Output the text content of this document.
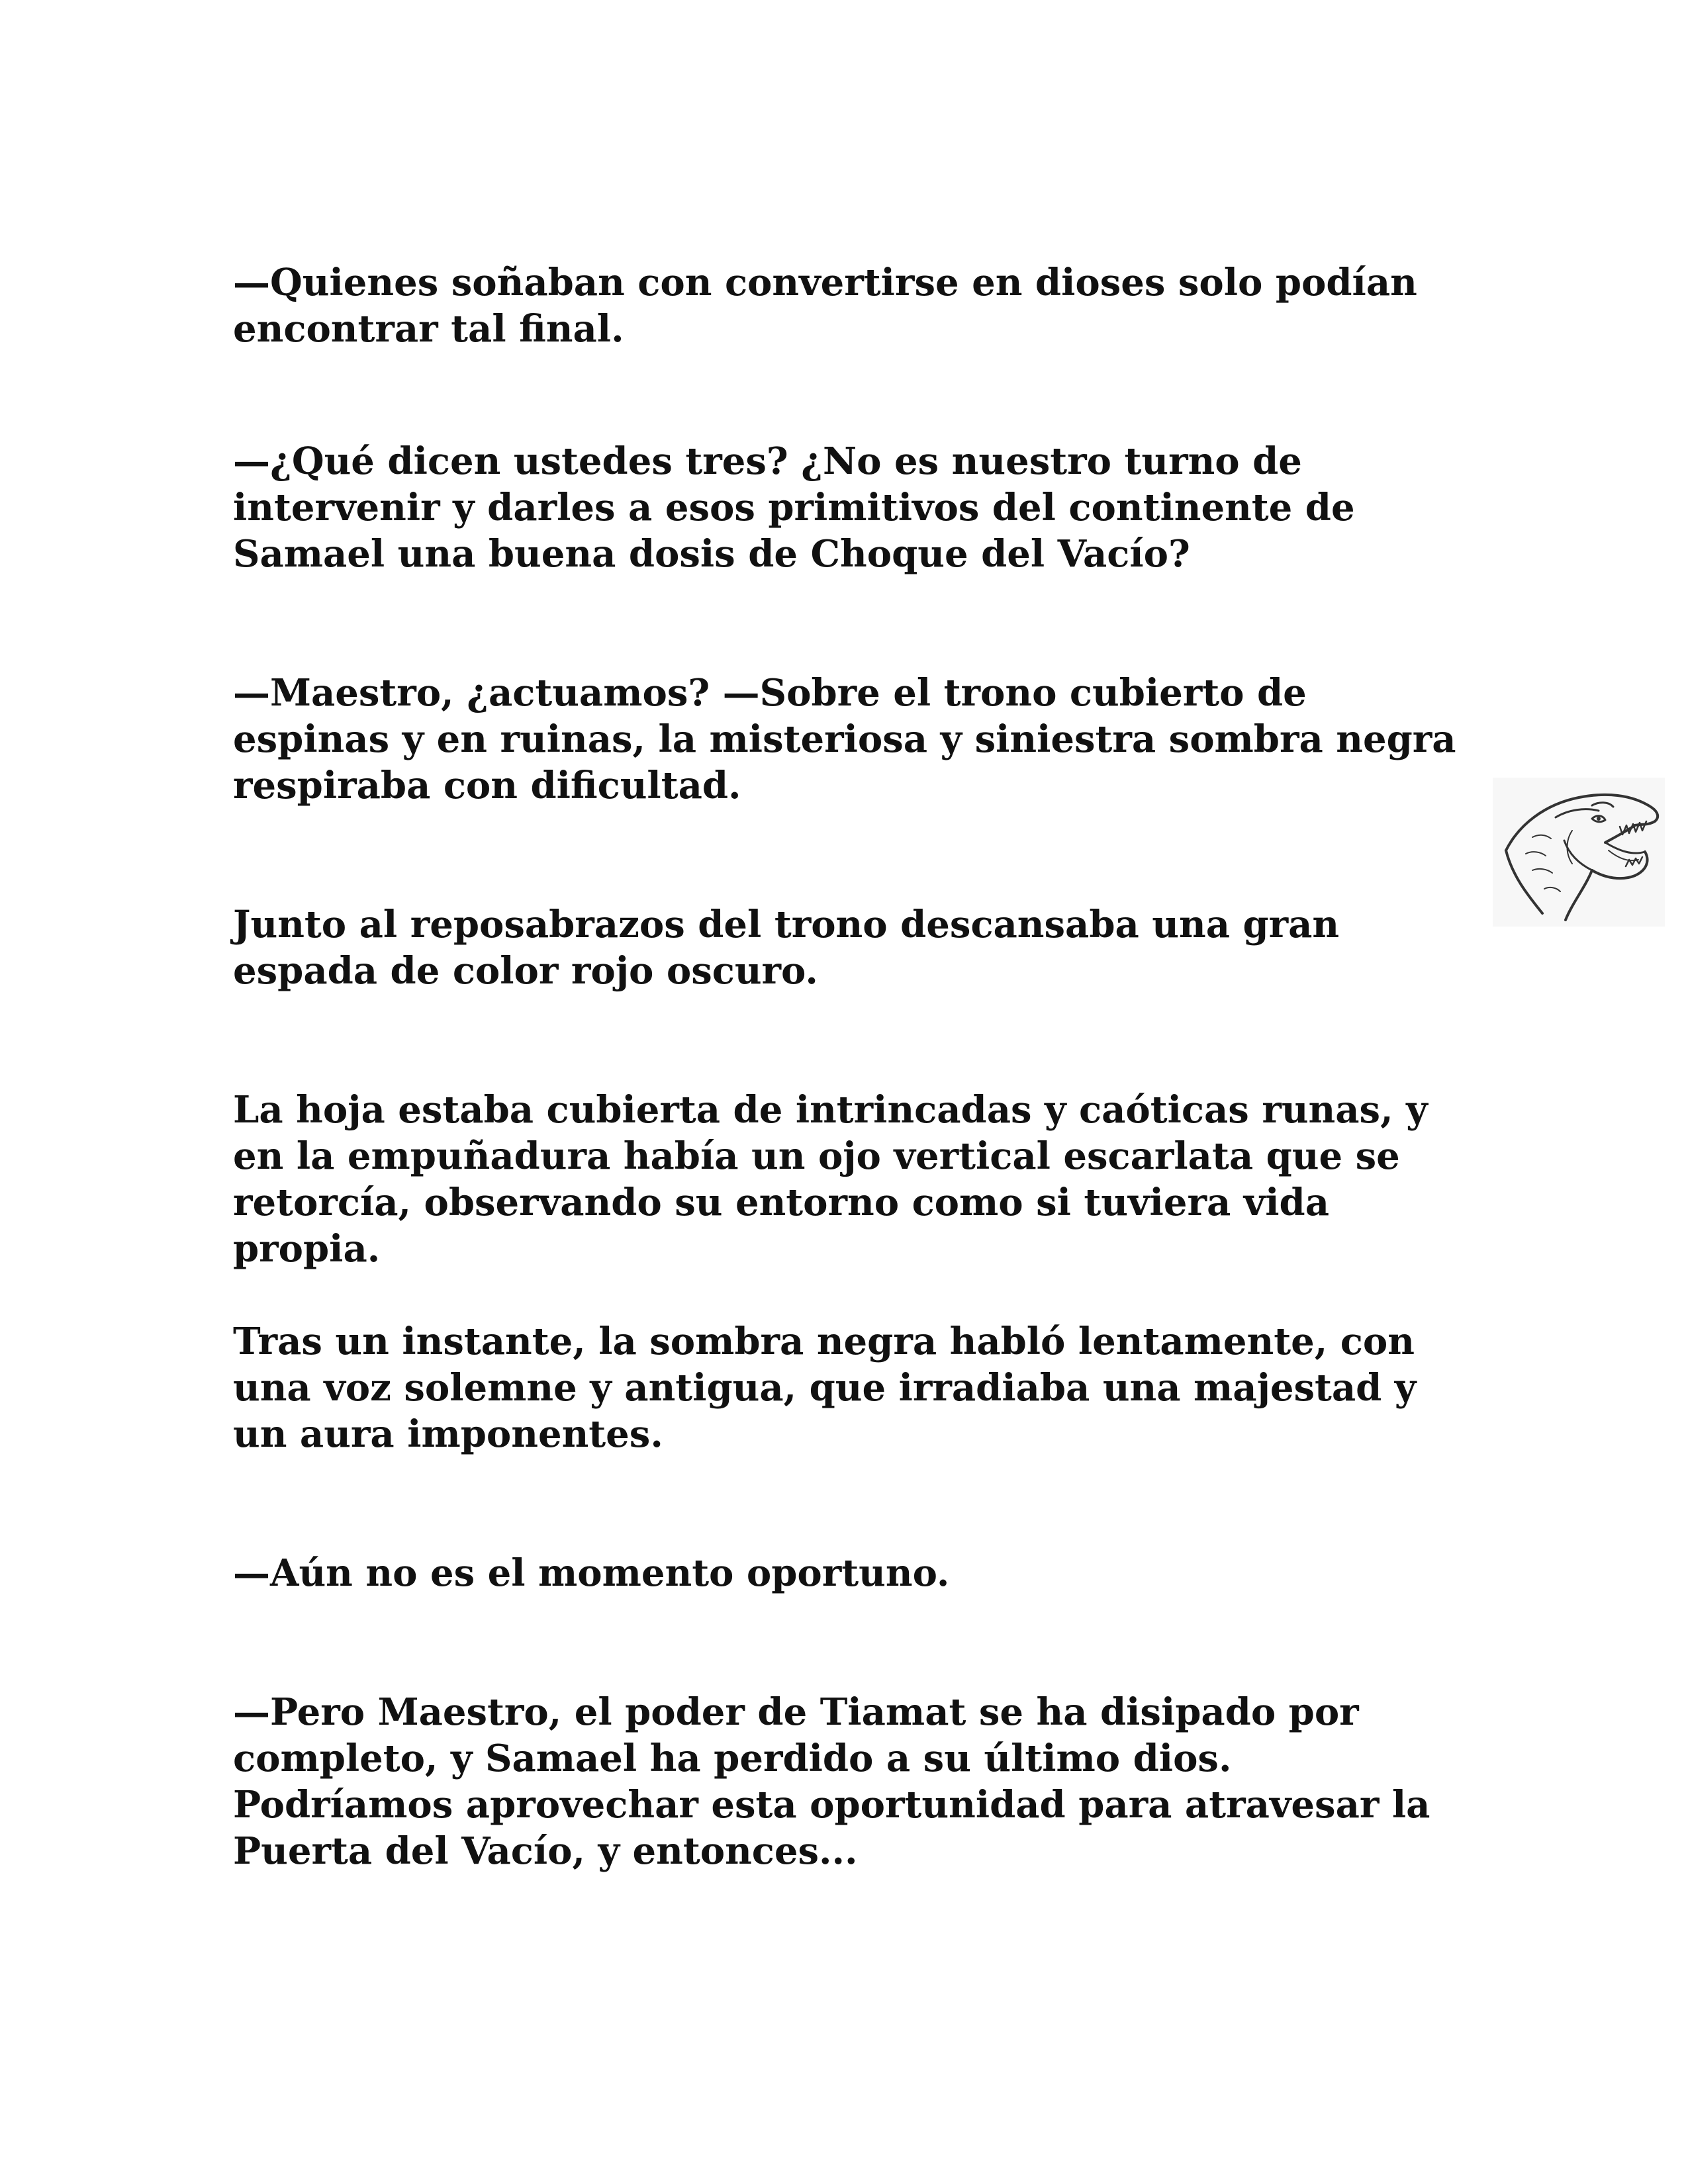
—Quienes soñaban con convertirse en dioses solo podían encontrar tal final.

—¿Qué dicen ustedes tres? ¿No es nuestro turno de intervenir y darles a esos primitivos del continente de Samael una buena dosis de Choque del Vacío?

—Maestro, ¿actuamos? —Sobre el trono cubierto de espinas y en ruinas, la misteriosa y siniestra sombra negra respiraba con dificultad.

Junto al reposabrazos del trono descansaba una gran espada de color rojo oscuro.

La hoja estaba cubierta de intrincadas y caóticas runas, y en la empuñadura había un ojo vertical escarlata que se retorcía, observando su entorno como si tuviera vida propia.

Tras un instante, la sombra negra habló lentamente, con una voz solemne y antigua, que irradiaba una majestad y un aura imponentes.

—Aún no es el momento oportuno.

—Pero Maestro, el poder de Tiamat se ha disipado por completo, y Samael ha perdido a su último dios. Podríamos aprovechar esta oportunidad para atravesar la Puerta del Vacío, y entonces...
